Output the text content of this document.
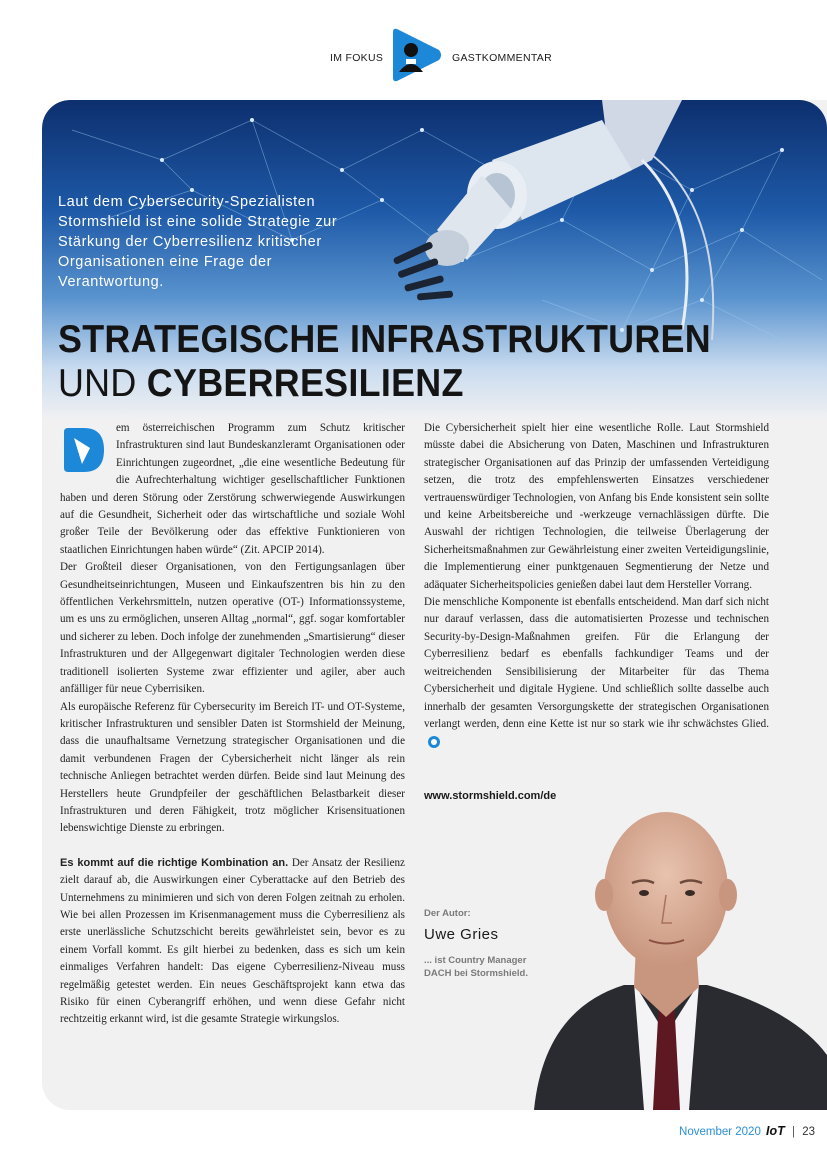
IM FOKUS	GASTKOMMENTAR
Laut dem Cybersecurity-Spezialisten Stormshield ist eine solide Strategie zur Stärkung der Cyberresilienz kritischer Organisationen eine Frage der Verantwortung.
STRATEGISCHE INFRASTRUKTUREN
UND CYBERRESILIENZ

em österreichischen Programm zum Schutz kritischer Infrastrukturen sind laut Bundeskanzleramt Organisationen oder Einrichtungen zugeordnet, „die eine wesentliche Bedeutung für die Aufrechterhaltung wichtiger gesellschaftlicher Funktionen haben und deren Störung oder Zerstörung schwerwiegende Auswirkungen auf die Gesundheit, Sicherheit oder das wirtschaftliche und soziale Wohl großer Teile der Bevölkerung oder das effektive Funktionieren von staatlichen Einrichtungen haben würde“ (Zit. APCIP 2014).

Der Großteil dieser Organisationen, von den Fertigungsanlagen über Gesundheitseinrichtungen, Museen und Einkaufszentren bis hin zu den öffentlichen Verkehrsmitteln, nutzen operative (OT-) Informationssysteme, um es uns zu ermöglichen, unseren Alltag „normal“, ggf. sogar komfortabler und sicherer zu leben. Doch infolge der zunehmenden „Smartisierung“ dieser Infrastrukturen und der Allgegenwart digitaler Technologien werden diese traditionell isolierten Systeme zwar effizienter und agiler, aber auch anfälliger für neue Cyberrisiken.

Als europäische Referenz für Cybersecurity im Bereich IT- und OT-Systeme, kritischer Infrastrukturen und sensibler Daten ist Stormshield der Meinung, dass die unaufhaltsame Vernetzung strategischer Organisationen und die damit verbundenen Fragen der Cybersicherheit nicht länger als rein technische Anliegen betrachtet werden dürfen. Beide sind laut Meinung des Herstellers heute Grundpfeiler der geschäftlichen Belastbarkeit dieser Infrastrukturen und deren Fähigkeit, trotz möglicher Krisensituationen lebenswichtige Dienste zu erbringen.

Es kommt auf die richtige Kombination an. Der Ansatz der Resilienz zielt darauf ab, die Auswirkungen einer Cyberattacke auf den Betrieb des Unternehmens zu minimieren und sich von deren Folgen zeitnah zu erholen. Wie bei allen Prozessen im Krisenmanagement muss die Cyberresilienz als erste unerlässliche Schutzschicht bereits gewährleistet sein, bevor es zu einem Vorfall kommt. Es gilt hierbei zu bedenken, dass es sich um kein einmaliges Verfahren handelt: Das eigene Cyberresilienz-Niveau muss regelmäßig getestet werden. Ein neues Geschäftsprojekt kann etwa das Risiko für einen Cyberangriff erhöhen, und wenn diese Gefahr nicht rechtzeitig erkannt wird, ist die gesamte Strategie wirkungslos.

Die Cybersicherheit spielt hier eine wesentliche Rolle. Laut Stormshield müsste dabei die Absicherung von Daten, Maschinen und Infrastrukturen strategischer Organisationen auf das Prinzip der umfassenden Verteidigung setzen, die trotz des empfehlenswerten Einsatzes verschiedener vertrauenswürdiger Technologien, von Anfang bis Ende konsistent sein sollte und keine Arbeitsbereiche und -werkzeuge vernachlässigen dürfte. Die Auswahl der richtigen Technologien, die teilweise Überlagerung der Sicherheitsmaßnahmen zur Gewährleistung einer zweiten Verteidigungslinie, die Implementierung einer punktgenauen Segmentierung der Netze und adäquater Sicherheitspolicies genießen dabei laut dem Hersteller Vorrang.

Die menschliche Komponente ist ebenfalls entscheidend. Man darf sich nicht nur darauf verlassen, dass die automatisierten Prozesse und technischen Security-by-Design-Maßnahmen greifen. Für die Erlangung der Cyberresilienz bedarf es ebenfalls fachkundiger Teams und der weitreichenden Sensibilisierung der Mitarbeiter für das Thema Cybersicherheit und digitale Hygiene. Und schließlich sollte dasselbe auch innerhalb der gesamten Versorgungskette der strategischen Organisationen verlangt werden, denn eine Kette ist nur so stark wie ihr schwächstes Glied.

www.stormshield.com/de
Der Autor:
Uwe Gries
... ist Country Manager DACH bei Stormshield.
November 2020 IoT | 23
